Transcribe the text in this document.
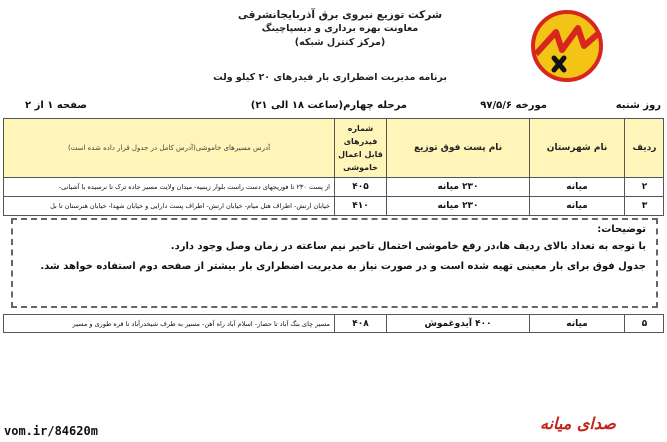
شرکت توزیع نیروی برق آذربایجانشرقی
معاونت بهره برداری و دیسپاچینگ
(مرکز کنترل شبکه)
برنامه مدیریت اضطراری بار فیدرهای ۲۰ کیلو ولت
روز شنبه
مورخه ۹۷/۵/۶
مرحله چهارم(ساعت ۱۸ الی ۲۱)
صفحه ۱ از ۲
ردیف
نام شهرستان
نام پست فوق توزیع
شماره فیدرهای قابل اعمال خاموشی
آدرس مسیرهای خاموشی(آدرس کامل در جدول قرار داده شده است)
۲
میانه
۲۳۰ میانه
۴۰۵
از پست ۲۳۰ تا فوریجهای دست راست بلوار زینبیه- میدان ولایت مسیر جاده ترک تا نرسیده با آشیانی-
۳
میانه
۲۳۰ میانه
۴۱۰
خیابان ارتش- اطراف هتل میام- خیابان ارتش- اطراف پست دارایی و خیابان شهدا- خیابان هنرستان تا بل
توضیحات:

با توجه به تعداد بالای ردیف ها،در رفع خاموشی احتمال تاخیر نیم ساعته در زمان وصل وجود دارد.

جدول فوق برای بار معینی تهیه شده است و در صورت نیاز به مدیریت اضطراری بار بیشتر از صفحه دوم استفاده خواهد شد.

۵
میانه
۴۰۰ آیدوغموش
۴۰۸
مسیر چای بنگ آباد تا حصار- اسلام آباد راه آهن- مسیر به طرف شیخدرآباد تا قره طوری و مسیر
vom.ir/84620m	صدای میانه
